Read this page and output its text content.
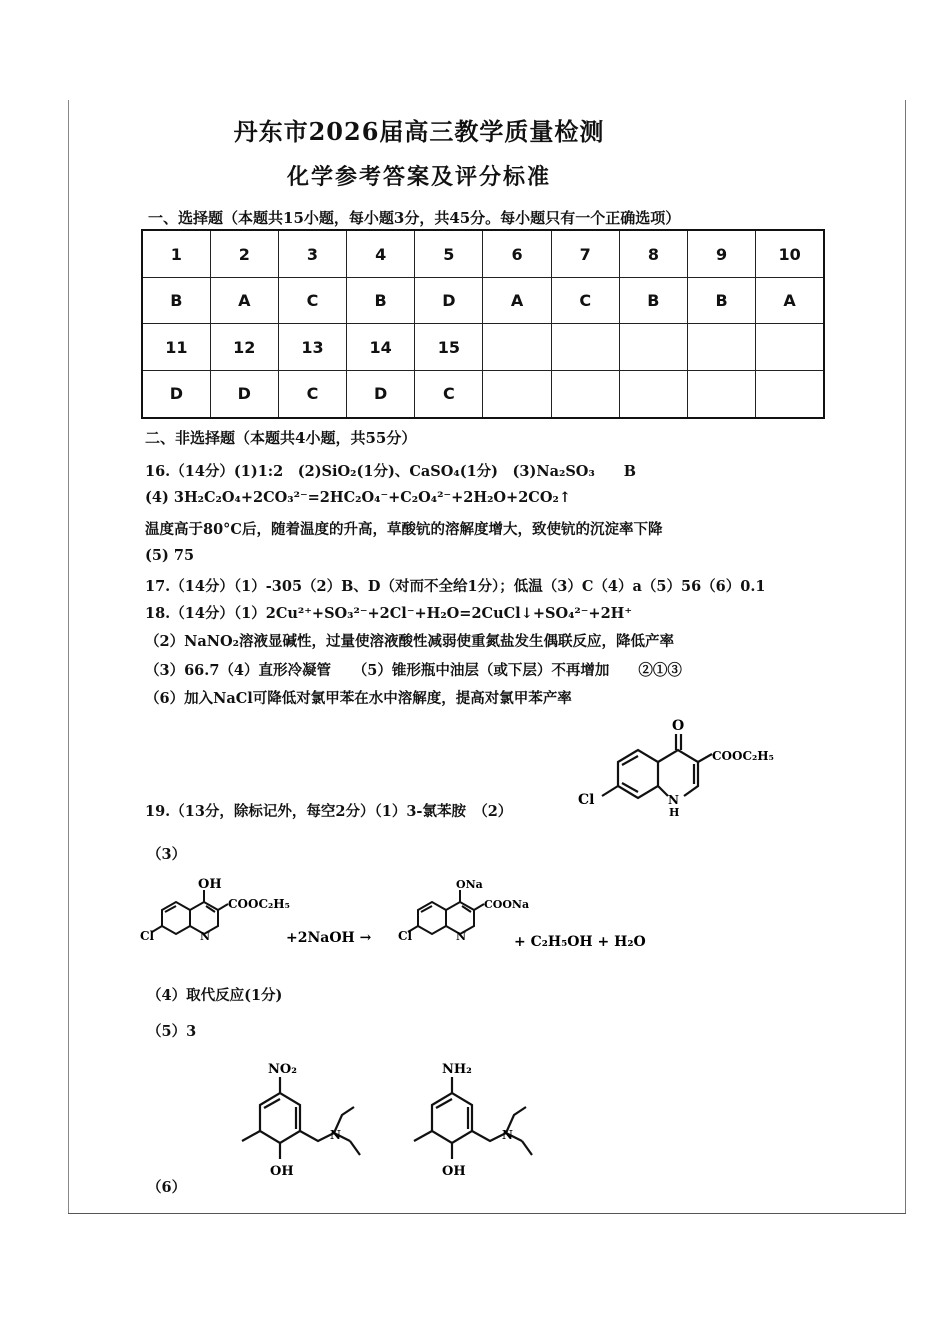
丹东市2026届高三教学质量检测
化学参考答案及评分标准
一、选择题（本题共15小题，每小题3分，共45分。每小题只有一个正确选项）
1	2	3	4	5	6	7	8	9	10
B	A	C	B	D	A	C	B	B	A
11	12	13	14	15					
D	D	C	D	C					
二、非选择题（本题共4小题，共55分）
16.（14分）(1)1:2　(2)SiO₂(1分)、CaSO₄(1分)　(3)Na₂SO₃　　B
(4) 3H₂C₂O₄+2CO₃²⁻=2HC₂O₄⁻+C₂O₄²⁻+2H₂O+2CO₂↑
温度高于80°C后，随着温度的升高，草酸钪的溶解度增大，致使钪的沉淀率下降
(5) 75
17.（14分）（1）-305（2）B、D（对而不全给1分）；低温（3）C（4）a（5）56（6）0.1
18.（14分）（1）2Cu²⁺+SO₃²⁻+2Cl⁻+H₂O=2CuCl↓+SO₄²⁻+2H⁺
（2）NaNO₂溶液显碱性，过量使溶液酸性减弱使重氮盐发生偶联反应，降低产率
（3）66.7（4）直形冷凝管　　（5）锥形瓶中油层（或下层）不再增加　　②①③
（6）加入NaCl可降低对氯甲苯在水中溶解度，提高对氯甲苯产率
O
COOC₂H₅
Cl	N
H
19.（13分，除标记外，每空2分）（1）3-氯苯胺　（2）
（3）
OH
COOC₂H₅
Cl	N	+2NaOH →
ONa
COONa
Cl	N	+ C₂H₅OH + H₂O
（4）取代反应(1分)
（5）3
NO₂
N
OH
NH₂
N
OH
（6）
